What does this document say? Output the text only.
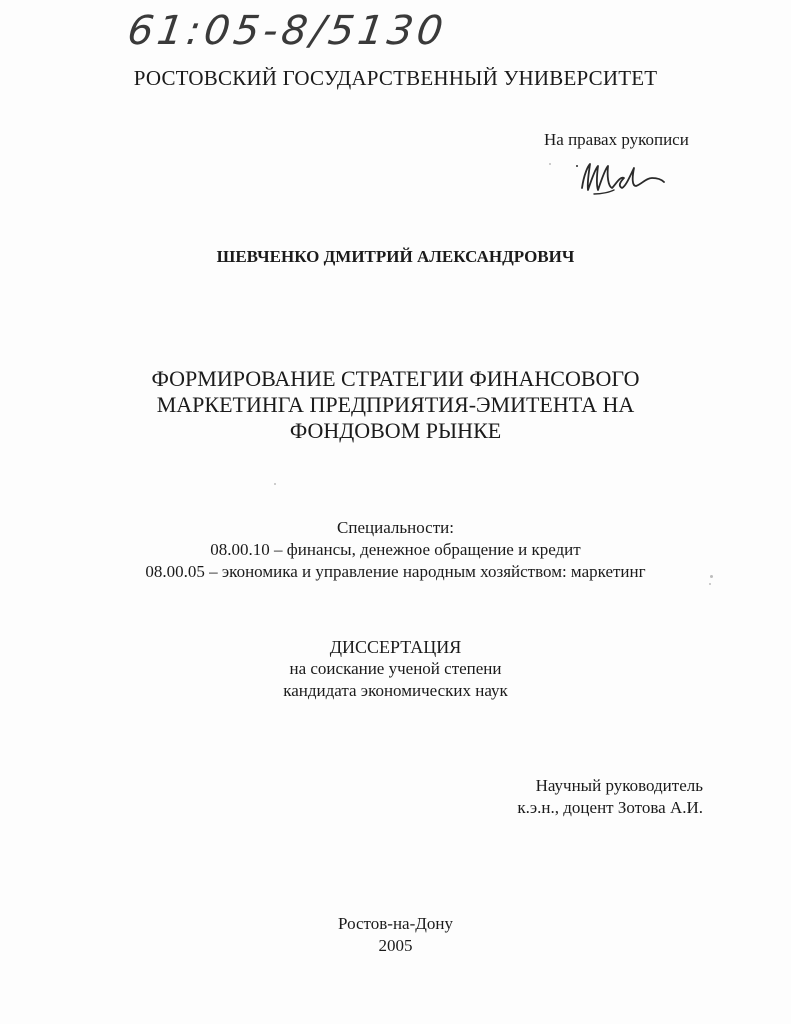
61:05-8/5130
РОСТОВСКИЙ ГОСУДАРСТВЕННЫЙ УНИВЕРСИТЕТ
На правах рукописи
ШЕВЧЕНКО ДМИТРИЙ АЛЕКСАНДРОВИЧ
ФОРМИРОВАНИЕ СТРАТЕГИИ ФИНАНСОВОГО
МАРКЕТИНГА ПРЕДПРИЯТИЯ-ЭМИТЕНТА НА
ФОНДОВОМ РЫНКЕ
Специальности:
08.00.10 – финансы, денежное обращение и кредит
08.00.05 – экономика и управление народным хозяйством: маркетинг
ДИССЕРТАЦИЯ
на соискание ученой степени
кандидата экономических наук
Научный руководитель
к.э.н., доцент Зотова А.И.
Ростов-на-Дону
2005
